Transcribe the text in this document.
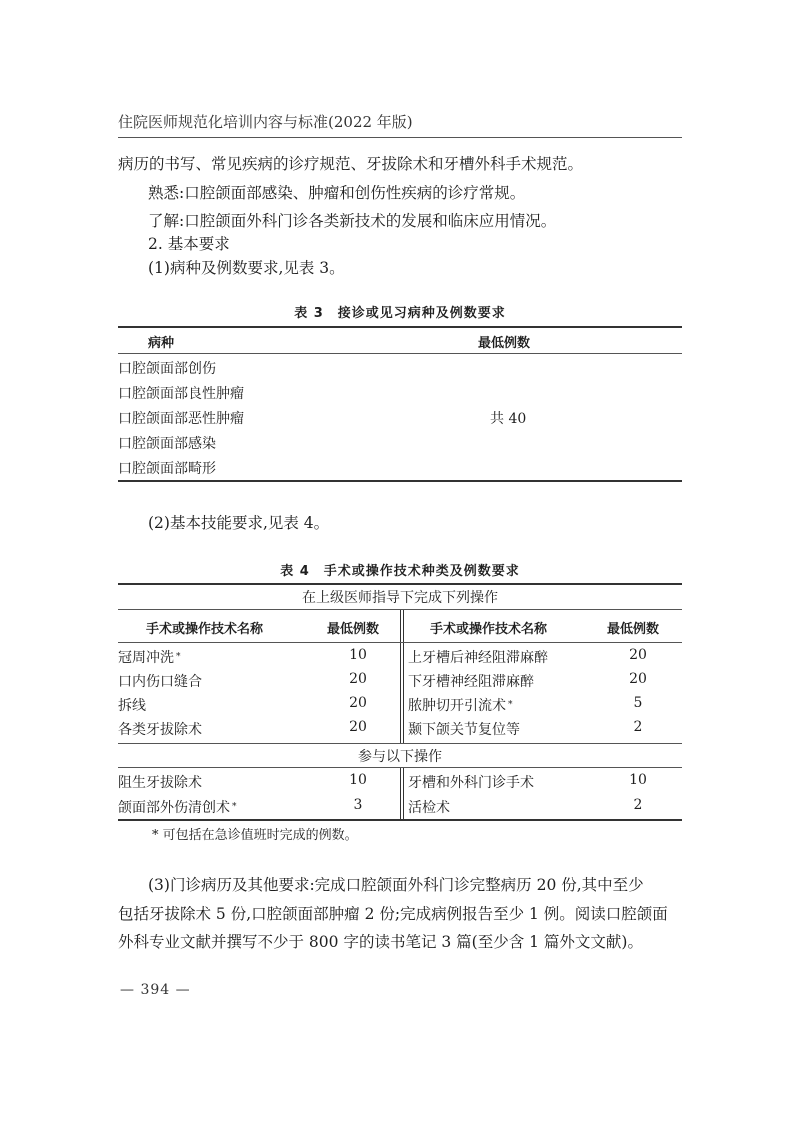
住院医师规范化培训内容与标准(2022 年版)

病历的书写、常见疾病的诊疗规范、牙拔除术和牙槽外科手术规范。

熟悉:口腔颌面部感染、肿瘤和创伤性疾病的诊疗常规。

了解:口腔颌面外科门诊各类新技术的发展和临床应用情况。

2. 基本要求

(1)病种及例数要求,见表 3。

表 3　接诊或见习病种及例数要求
病种	最低例数
口腔颌面部创伤
口腔颌面部良性肿瘤
口腔颌面部恶性肿瘤
口腔颌面部感染
口腔颌面部畸形
共 40

(2)基本技能要求,见表 4。

表 4　手术或操作技术种类及例数要求
在上级医师指导下完成下列操作
手术或操作技术名称	最低例数	手术或操作技术名称	最低例数
冠周冲洗 *	10	上牙槽后神经阻滞麻醉	20
口内伤口缝合	20	下牙槽神经阻滞麻醉	20
拆线	20	脓肿切开引流术 *	5
各类牙拔除术	20	颞下颌关节复位等	2
参与以下操作
阻生牙拔除术	10	牙槽和外科门诊手术	10
颌面部外伤清创术 *	3	活检术	2
* 可包括在急诊值班时完成的例数。

(3)门诊病历及其他要求:完成口腔颌面外科门诊完整病历 20 份,其中至少

包括牙拔除术 5 份,口腔颌面部肿瘤 2 份;完成病例报告至少 1 例。阅读口腔颌面

外科专业文献并撰写不少于 800 字的读书笔记 3 篇(至少含 1 篇外文文献)。

— 394 —
